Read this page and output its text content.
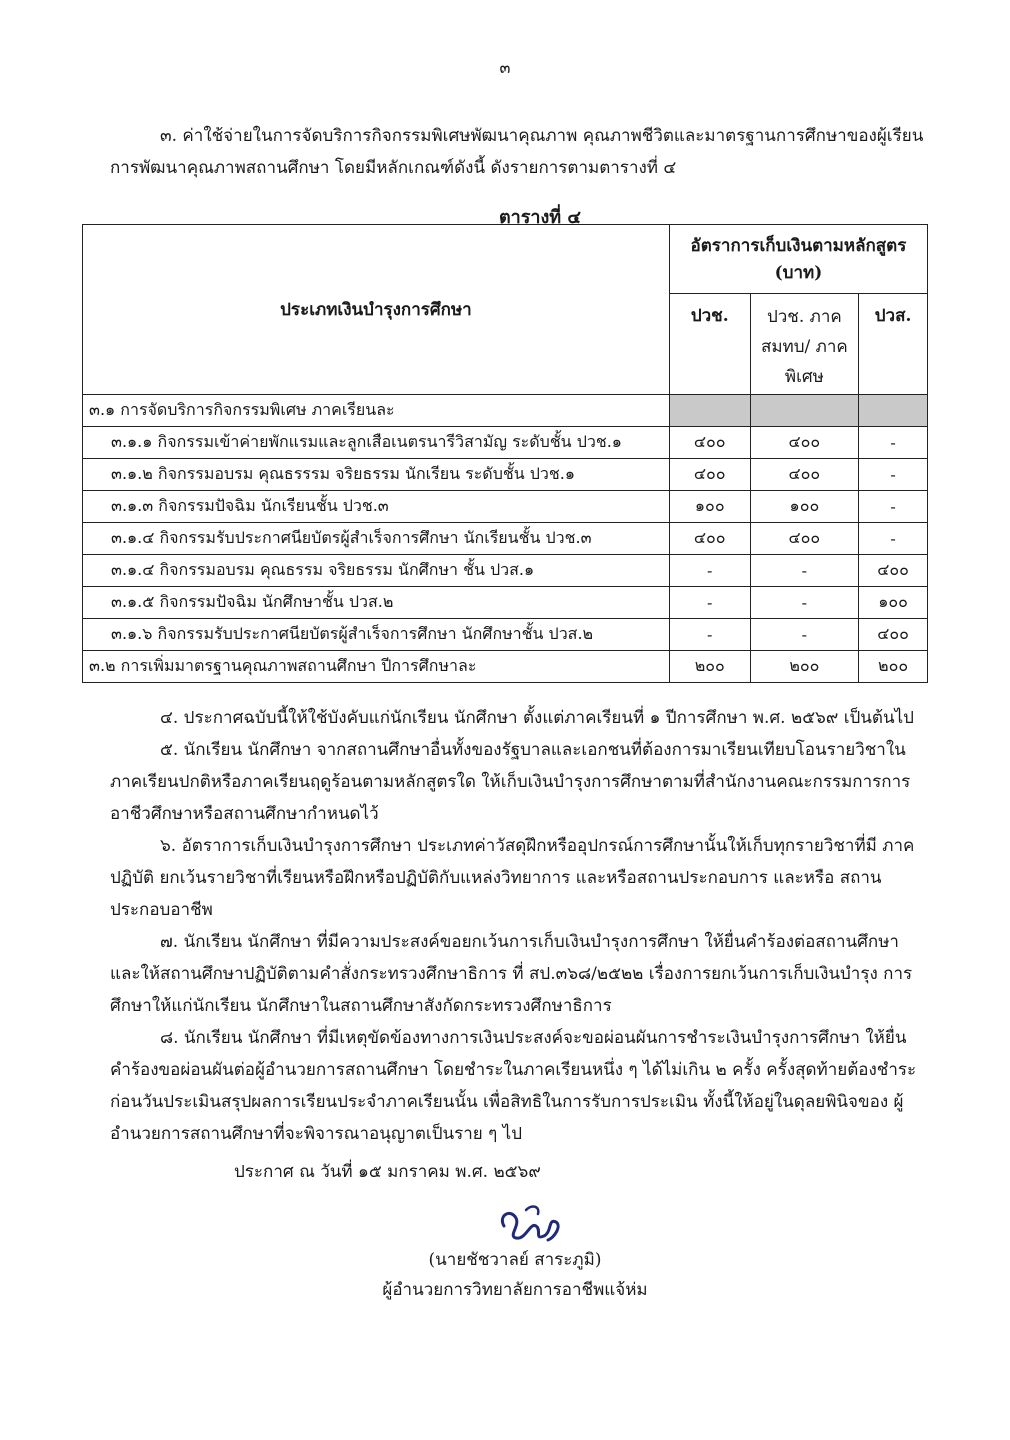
๓

๓. ค่าใช้จ่ายในการจัดบริการกิจกรรมพิเศษพัฒนาคุณภาพ คุณภาพชีวิตและมาตรฐานการศึกษาของผู้เรียน

การพัฒนาคุณภาพสถานศึกษา โดยมีหลักเกณฑ์ดังนี้ ดังรายการตามตารางที่ ๔

ตารางที่ ๔
ประเภทเงินบำรุงการศึกษา	อัตราการเก็บเงินตามหลักสูตร (บาท)		
	ปวช.	ปวช. ภาคสมทบ/ ภาคพิเศษ	ปวส.
๓.๑ การจัดบริการกิจกรรมพิเศษ ภาคเรียนละ			
๓.๑.๑ กิจกรรมเข้าค่ายพักแรมและลูกเสือเนตรนารีวิสามัญ ระดับชั้น ปวช.๑	๔๐๐	๔๐๐	-
๓.๑.๒ กิจกรรมอบรม คุณธรรรม จริยธรรม นักเรียน ระดับชั้น ปวช.๑	๔๐๐	๔๐๐	-
๓.๑.๓ กิจกรรมปัจฉิม นักเรียนชั้น ปวช.๓	๑๐๐	๑๐๐	-
๓.๑.๔ กิจกรรมรับประกาศนียบัตรผู้สำเร็จการศึกษา นักเรียนชั้น ปวช.๓	๔๐๐	๔๐๐	-
๓.๑.๔ กิจกรรมอบรม คุณธรรม จริยธรรม นักศึกษา ชั้น ปวส.๑	-	-	๔๐๐
๓.๑.๕ กิจกรรมปัจฉิม นักศึกษาชั้น ปวส.๒	-	-	๑๐๐
๓.๑.๖ กิจกรรมรับประกาศนียบัตรผู้สำเร็จการศึกษา นักศึกษาชั้น ปวส.๒	-	-	๔๐๐
๓.๒ การเพิ่มมาตรฐานคุณภาพสถานศึกษา ปีการศึกษาละ	๒๐๐	๒๐๐	๒๐๐

๔. ประกาศฉบับนี้ให้ใช้บังคับแก่นักเรียน นักศึกษา ตั้งแต่ภาคเรียนที่ ๑ ปีการศึกษา พ.ศ. ๒๕๖๙ เป็นต้นไป

๕. นักเรียน นักศึกษา จากสถานศึกษาอื่นทั้งของรัฐบาลและเอกชนที่ต้องการมาเรียนเทียบโอนรายวิชาใน ภาคเรียนปกติหรือภาคเรียนฤดูร้อนตามหลักสูตรใด ให้เก็บเงินบำรุงการศึกษาตามที่สำนักงานคณะกรรมการการ อาชีวศึกษาหรือสถานศึกษากำหนดไว้

๖. อัตราการเก็บเงินบำรุงการศึกษา ประเภทค่าวัสดุฝึกหรืออุปกรณ์การศึกษานั้นให้เก็บทุกรายวิชาที่มี ภาคปฏิบัติ ยกเว้นรายวิชาที่เรียนหรือฝึกหรือปฏิบัติกับแหล่งวิทยาการ และหรือสถานประกอบการ และหรือ สถานประกอบอาชีพ

๗. นักเรียน นักศึกษา ที่มีความประสงค์ขอยกเว้นการเก็บเงินบำรุงการศึกษา ให้ยื่นคำร้องต่อสถานศึกษา และให้สถานศึกษาปฏิบัติตามคำสั่งกระทรวงศึกษาธิการ ที่ สป.๓๖๘/๒๕๒๒ เรื่องการยกเว้นการเก็บเงินบำรุง การศึกษาให้แก่นักเรียน นักศึกษาในสถานศึกษาสังกัดกระทรวงศึกษาธิการ

๘. นักเรียน นักศึกษา ที่มีเหตุขัดข้องทางการเงินประสงค์จะขอผ่อนผันการชำระเงินบำรุงการศึกษา ให้ยื่น คำร้องขอผ่อนผันต่อผู้อำนวยการสถานศึกษา โดยชำระในภาคเรียนหนึ่ง ๆ ได้ไม่เกิน ๒ ครั้ง ครั้งสุดท้ายต้องชำระ ก่อนวันประเมินสรุปผลการเรียนประจำภาคเรียนนั้น เพื่อสิทธิในการรับการประเมิน ทั้งนี้ให้อยู่ในดุลยพินิจของ ผู้อำนวยการสถานศึกษาที่จะพิจารณาอนุญาตเป็นราย ๆ ไป

ประกาศ ณ วันที่ ๑๕ มกราคม พ.ศ. ๒๕๖๙
(นายชัชวาลย์ สาระภูมิ)
ผู้อำนวยการวิทยาลัยการอาชีพแจ้ห่ม
